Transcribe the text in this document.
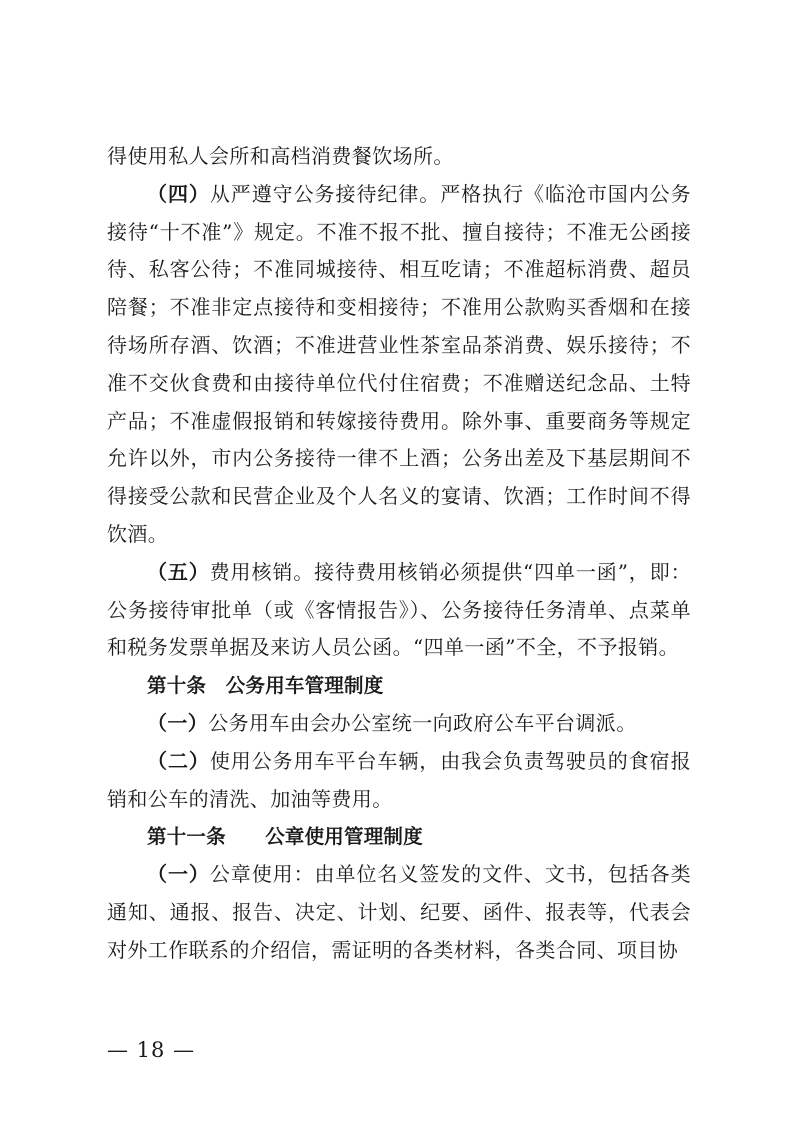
得使用私人会所和高档消费餐饮场所。

（四）从严遵守公务接待纪律。严格执行《临沧市国内公务接待“十不准”》规定。不准不报不批、擅自接待；不准无公函接待、私客公待；不准同城接待、相互吃请；不准超标消费、超员陪餐；不准非定点接待和变相接待；不准用公款购买香烟和在接待场所存酒、饮酒；不准进营业性茶室品茶消费、娱乐接待；不准不交伙食费和由接待单位代付住宿费；不准赠送纪念品、土特产品；不准虚假报销和转嫁接待费用。除外事、重要商务等规定允许以外，市内公务接待一律不上酒；公务出差及下基层期间不得接受公款和民营企业及个人名义的宴请、饮酒；工作时间不得饮酒。

（五）费用核销。接待费用核销必须提供“四单一函”，即：公务接待审批单（或《客情报告》）、公务接待任务清单、点菜单和税务发票单据及来访人员公函。“四单一函”不全，不予报销。

第十条　公务用车管理制度

（一）公务用车由会办公室统一向政府公车平台调派。

（二）使用公务用车平台车辆，由我会负责驾驶员的食宿报销和公车的清洗、加油等费用。

第十一条　　公章使用管理制度

（一）公章使用：由单位名义签发的文件、文书，包括各类通知、通报、报告、决定、计划、纪要、函件、报表等，代表会对外工作联系的介绍信，需证明的各类材料，各类合同、项目协

— 18 —
